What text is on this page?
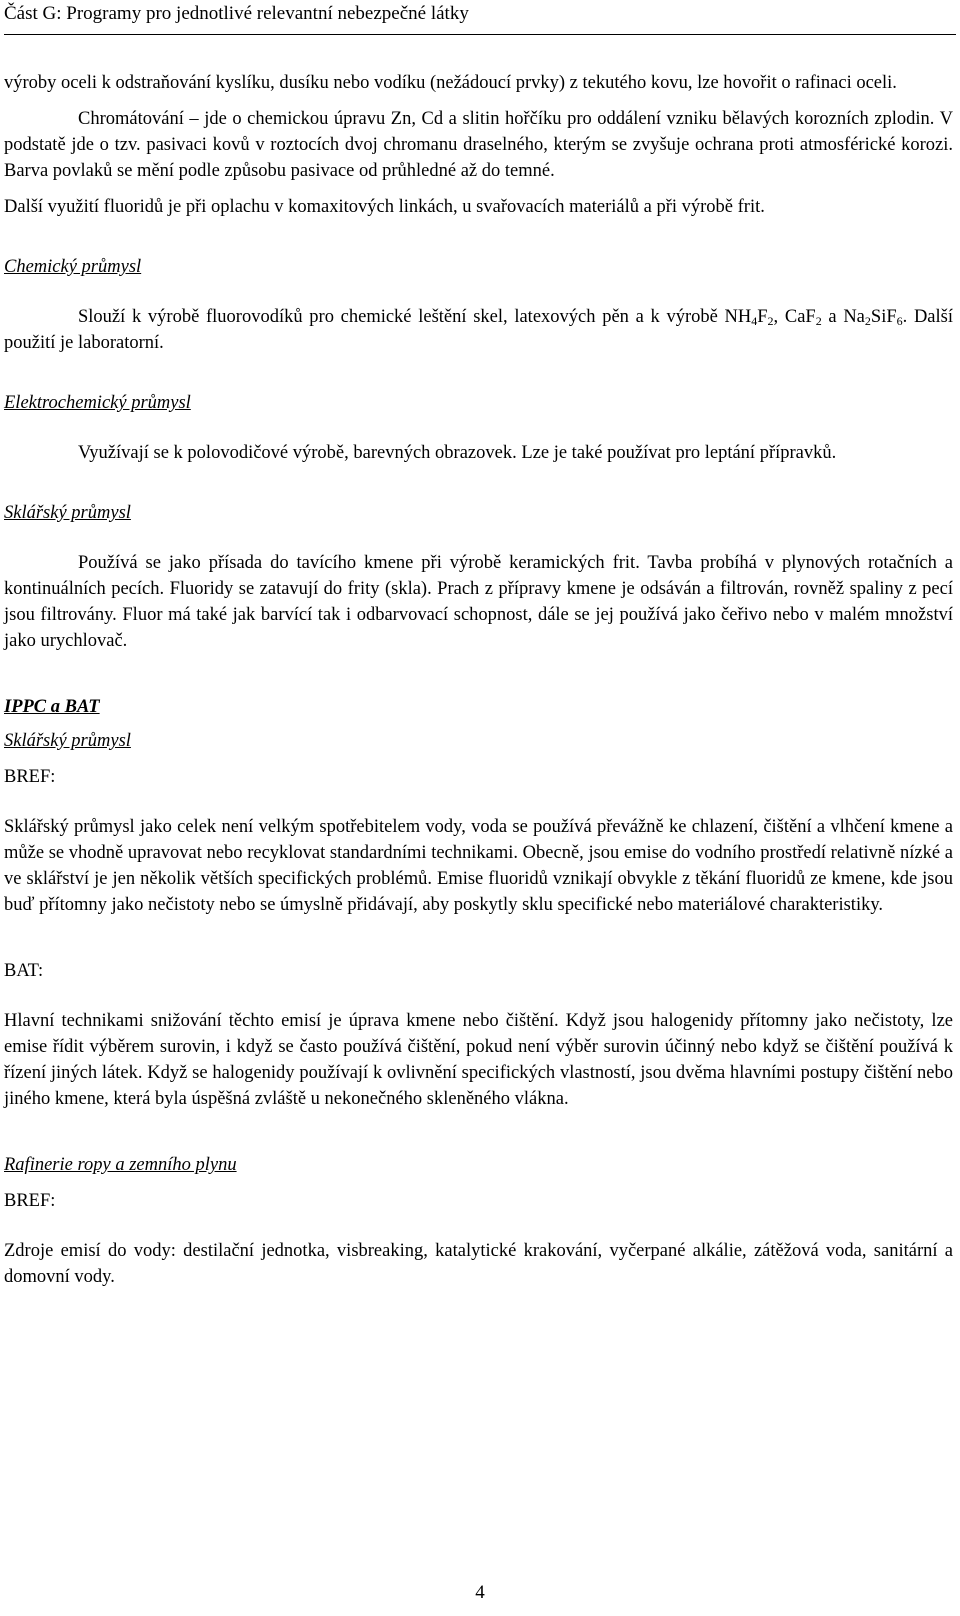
Část G: Programy pro jednotlivé relevantní nebezpečné látky

výroby oceli k odstraňování kyslíku, dusíku nebo vodíku (nežádoucí prvky) z tekutého kovu, lze hovořit o rafinaci oceli.

Chromátování – jde o chemickou úpravu Zn, Cd a slitin hořčíku pro oddálení vzniku bělavých korozních zplodin. V podstatě jde o tzv. pasivaci kovů v roztocích dvoj chromanu draselného, kterým se zvyšuje ochrana proti atmosférické korozi. Barva povlaků se mění podle způsobu pasivace od průhledné až do temné.

Další využití fluoridů je při oplachu v komaxitových linkách, u svařovacích materiálů a při výrobě frit.

Chemický průmysl

Slouží k výrobě fluorovodíků pro chemické leštění skel, latexových pěn a k výrobě $NH_4F_2$, CaF$_2$ a $Na_2SiF_6$. Další použití je laboratorní.

Elektrochemický průmysl

Využívají se k polovodičové výrobě, barevných obrazovek. Lze je také používat pro leptání přípravků.

Sklářský průmysl

Používá se jako přísada do tavícího kmene při výrobě keramických frit. Tavba probíhá v plynových rotačních a kontinuálních pecích. Fluoridy se zatavují do frity (skla). Prach z přípravy kmene je odsáván a filtrován, rovněž spaliny z pecí jsou filtrovány. Fluor má také jak barvící tak i odbarvovací schopnost, dále se jej používá jako čeřivo nebo v malém množství jako urychlovač.

IPPC a BAT

Sklářský průmysl

BREF:

Sklářský průmysl jako celek není velkým spotřebitelem vody, voda se používá převážně ke chlazení, čištění a vlhčení kmene a může se vhodně upravovat nebo recyklovat standardními technikami. Obecně, jsou emise do vodního prostředí relativně nízké a ve sklářství je jen několik větších specifických problémů. Emise fluoridů vznikají obvykle z těkání fluoridů ze kmene, kde jsou buď přítomny jako nečistoty nebo se úmyslně přidávají, aby poskytly sklu specifické nebo materiálové charakteristiky.

BAT:

Hlavní technikami snižování těchto emisí je úprava kmene nebo čištění. Když jsou halogenidy přítomny jako nečistoty, lze emise řídit výběrem surovin, i když se často používá čištění, pokud není výběr surovin účinný nebo když se čištění používá k řízení jiných látek. Když se halogenidy používají k ovlivnění specifických vlastností, jsou dvěma hlavními postupy čištění nebo jiného kmene, která byla úspěšná zvláště u nekonečného skleněného vlákna.

Rafinerie ropy a zemního plynu

BREF:

Zdroje emisí do vody: destilační jednotka, visbreaking, katalytické krakování, vyčerpané alkálie, zátěžová voda, sanitární a domovní vody.

4
